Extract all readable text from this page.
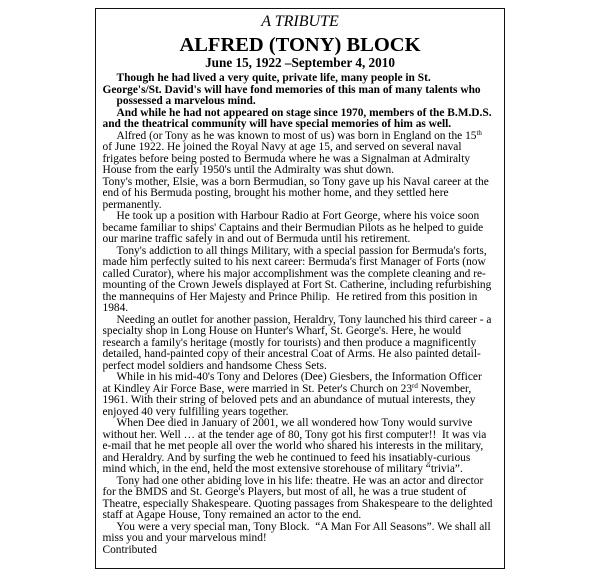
A TRIBUTE
ALFRED (TONY) BLOCK
June 15, 1922 –September 4, 2010
Though he had lived a very quite, private life, many people in St.
George's/St. David's will have fond memories of this man of many talents who
possessed a marvelous mind.
And while he had not appeared on stage since 1970, members of the B.M.D.S.
and the theatrical community will have special memories of him as well.
Alfred (or Tony as he was known to most of us) was born in England on the 15th
of June 1922. He joined the Royal Navy at age 15, and served on several naval
frigates before being posted to Bermuda where he was a Signalman at Admiralty
House from the early 1950's until the Admiralty was shut down.
Tony's mother, Elsie, was a born Bermudian, so Tony gave up his Naval career at the
end of his Bermuda posting, brought his mother home, and they settled here
permanently.
He took up a position with Harbour Radio at Fort George, where his voice soon
became familiar to ships' Captains and their Bermudian Pilots as he helped to guide
our marine traffic safely in and out of Bermuda until his retirement.
Tony's addiction to all things Military, with a special passion for Bermuda's forts,
made him perfectly suited to his next career: Bermuda's first Manager of Forts (now
called Curator), where his major accomplishment was the complete cleaning and re-
mounting of the Crown Jewels displayed at Fort St. Catherine, including refurbishing
the mannequins of Her Majesty and Prince Philip.  He retired from this position in
1984.
Needing an outlet for another passion, Heraldry, Tony launched his third career - a
specialty shop in Long House on Hunter's Wharf, St. George's. Here, he would
research a family's heritage (mostly for tourists) and then produce a magnificently
detailed, hand-painted copy of their ancestral Coat of Arms. He also painted detail-
perfect model soldiers and handsome Chess Sets.
While in his mid-40's Tony and Delores (Dee) Giesbers, the Information Officer
at Kindley Air Force Base, were married in St. Peter's Church on 23rd November,
1961. With their string of beloved pets and an abundance of mutual interests, they
enjoyed 40 very fulfilling years together.
When Dee died in January of 2001, we all wondered how Tony would survive
without her. Well … at the tender age of 80, Tony got his first computer!!  It was via
e-mail that he met people all over the world who shared his interests in the military,
and Heraldry. And by surfing the web he continued to feed his insatiably-curious
mind which, in the end, held the most extensive storehouse of military “trivia”.
Tony had one other abiding love in his life: theatre. He was an actor and director
for the BMDS and St. George's Players, but most of all, he was a true student of
Theatre, especially Shakespeare. Quoting passages from Shakespeare to the delighted
staff at Agape House, Tony remained an actor to the end.
You were a very special man, Tony Block.  “A Man For All Seasons”. We shall all
miss you and your marvelous mind!
Contributed
